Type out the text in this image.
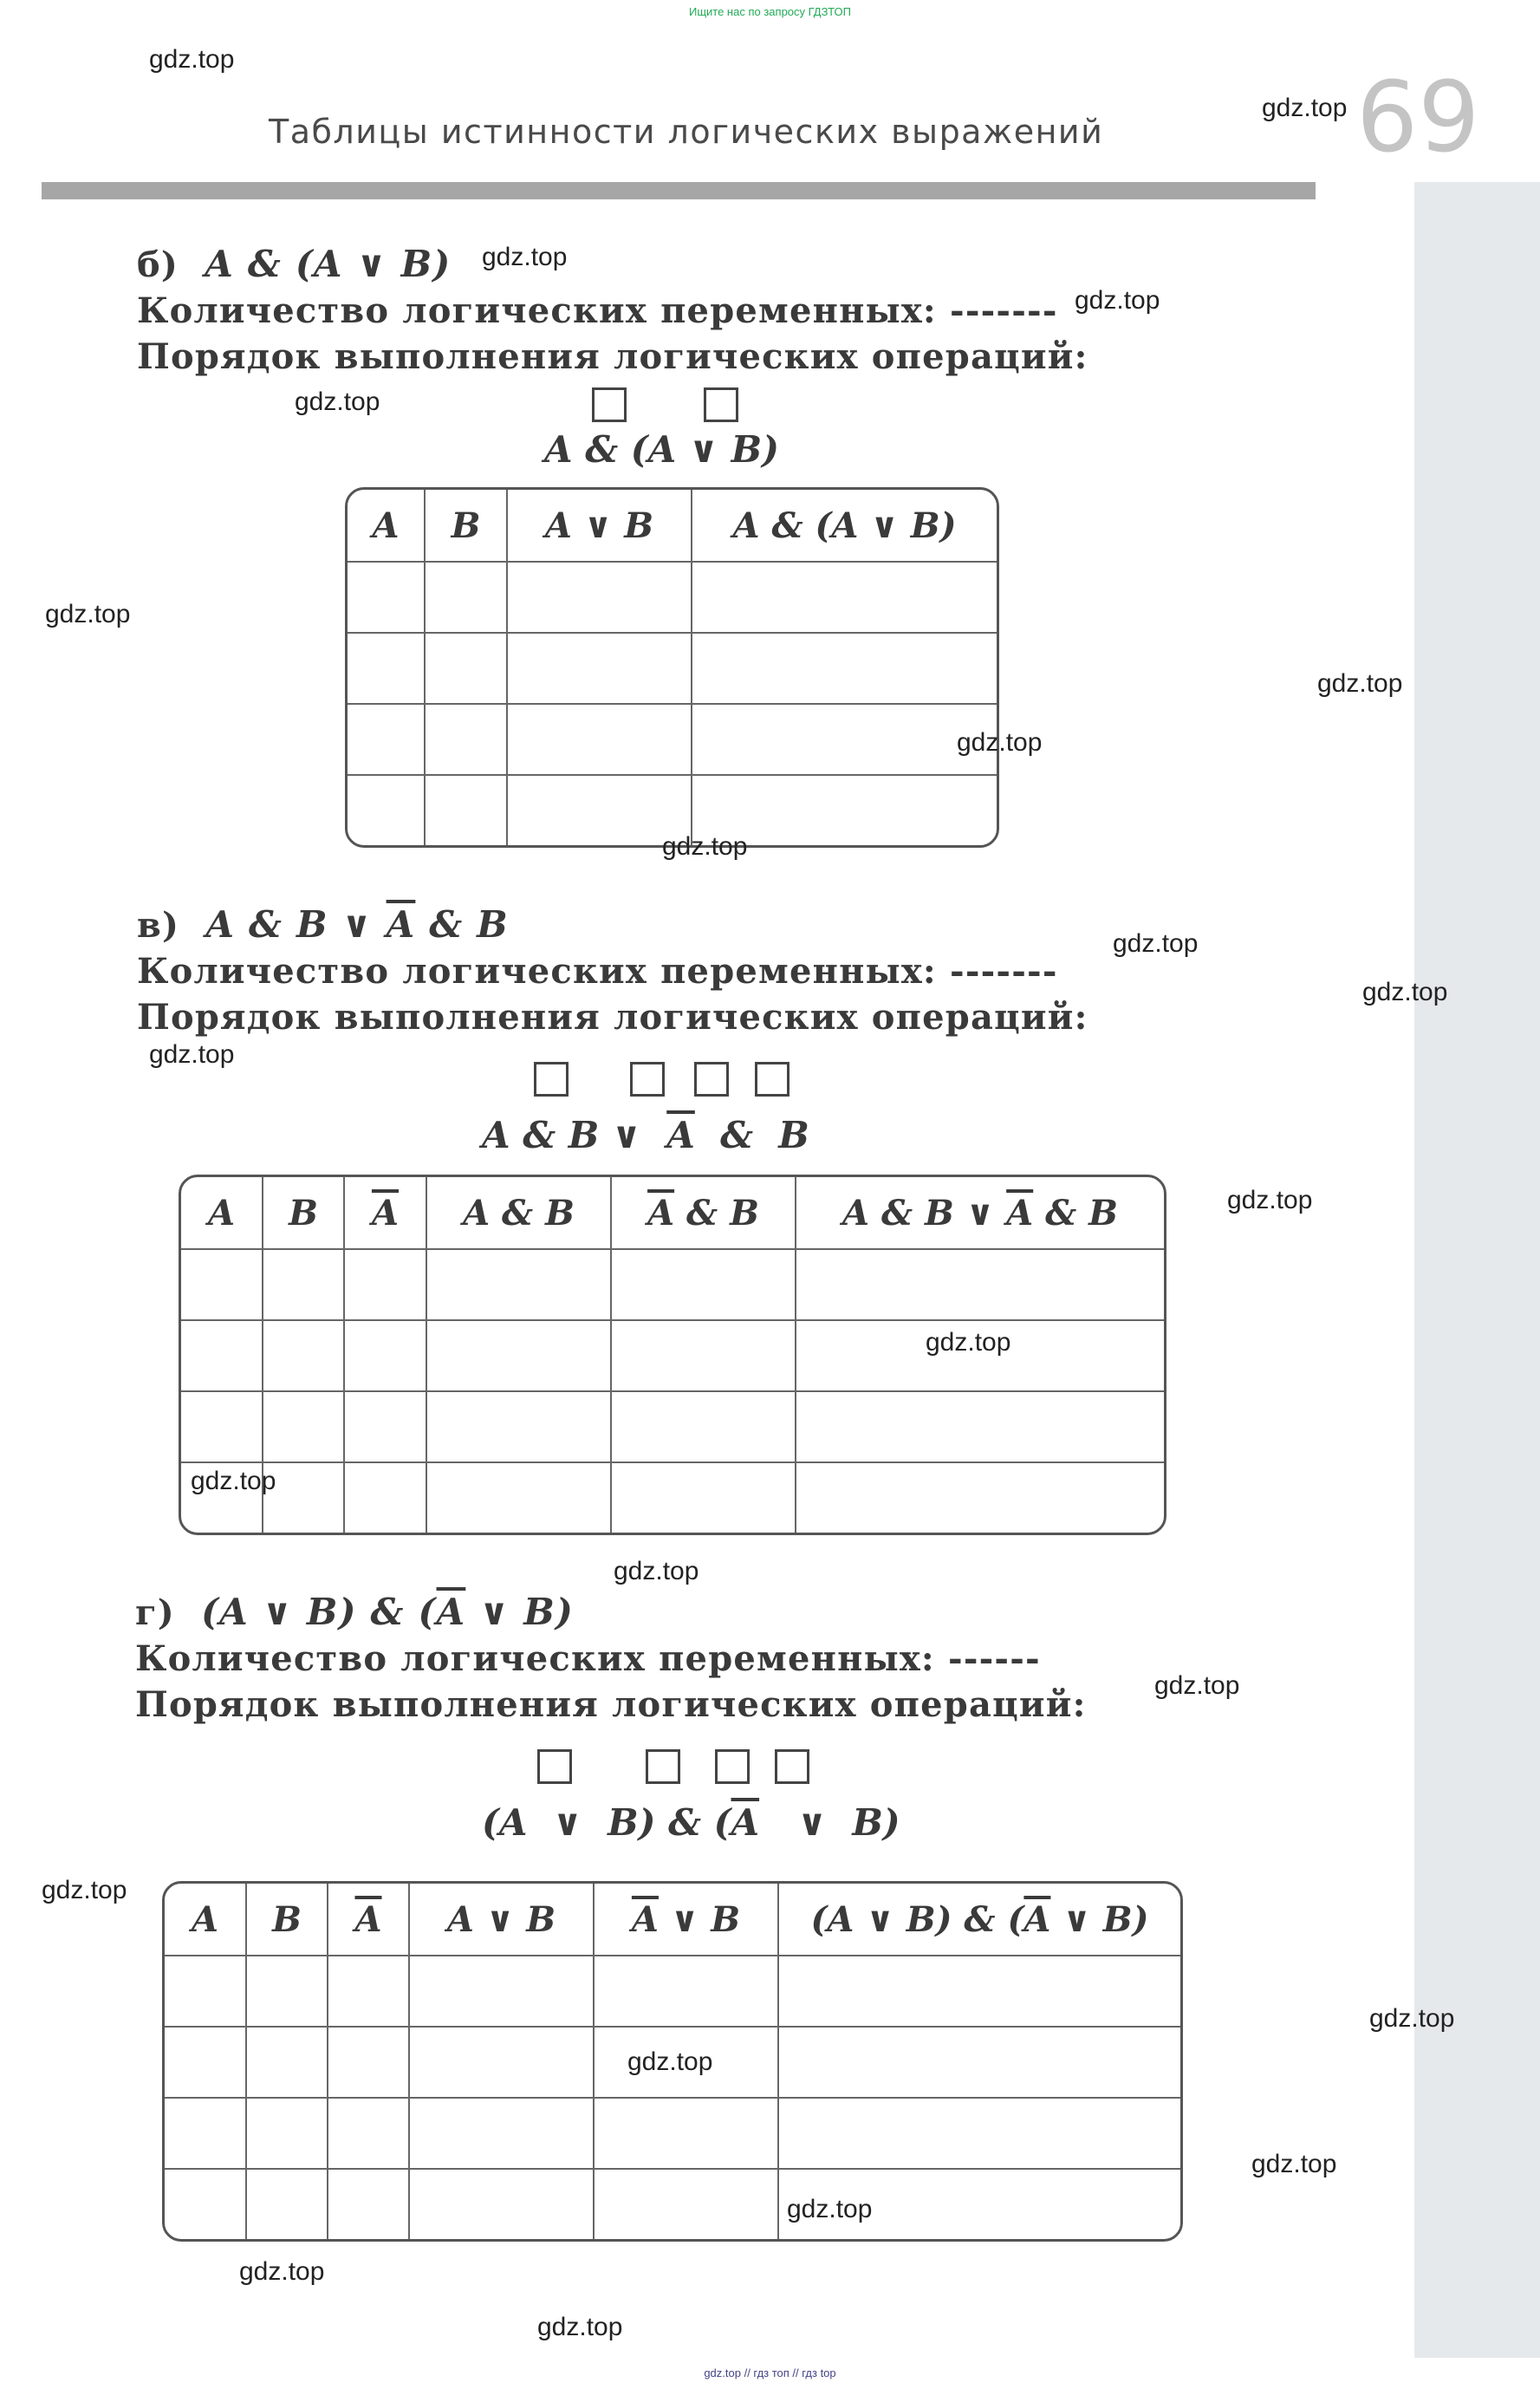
Ищите нас по запросу ГДЗТОП
Таблицы истинности логических выражений	69
б) A & (A ∨ B)
Количество логических переменных: -------
Порядок выполнения логических операций:
A & (A ∨ B)
A	B	A ∨ B	A & (A ∨ B)

в) A & B ∨ $\overline{A}$ & B
Количество логических переменных: -------
Порядок выполнения логических операций:
A & B ∨ $\overline{A}$ & B
A	B	$\overline{A}$	A & B	$\overline{A}$ & B	A & B ∨ $\overline{A}$ & B

г) (A ∨ B) & ($\overline{A}$ ∨ B)
Количество логических переменных: ------
Порядок выполнения логических операций:
(A ∨ B) & ($\overline{A}$ ∨ B)
A	B	$\overline{A}$	A ∨ B	$\overline{A}$ ∨ B	(A ∨ B) & ($\overline{A}$ ∨ B)

gdz.top
gdz.top
gdz.top
gdz.top
gdz.top
gdz.top
gdz.top
gdz.top
gdz.top
gdz.top
gdz.top
gdz.top
gdz.top
gdz.top
gdz.top
gdz.top
gdz.top
gdz.top
gdz.top
gdz.top
gdz.top
gdz.top
gdz.top
gdz.top
gdz.top // гдз топ // гдз top
